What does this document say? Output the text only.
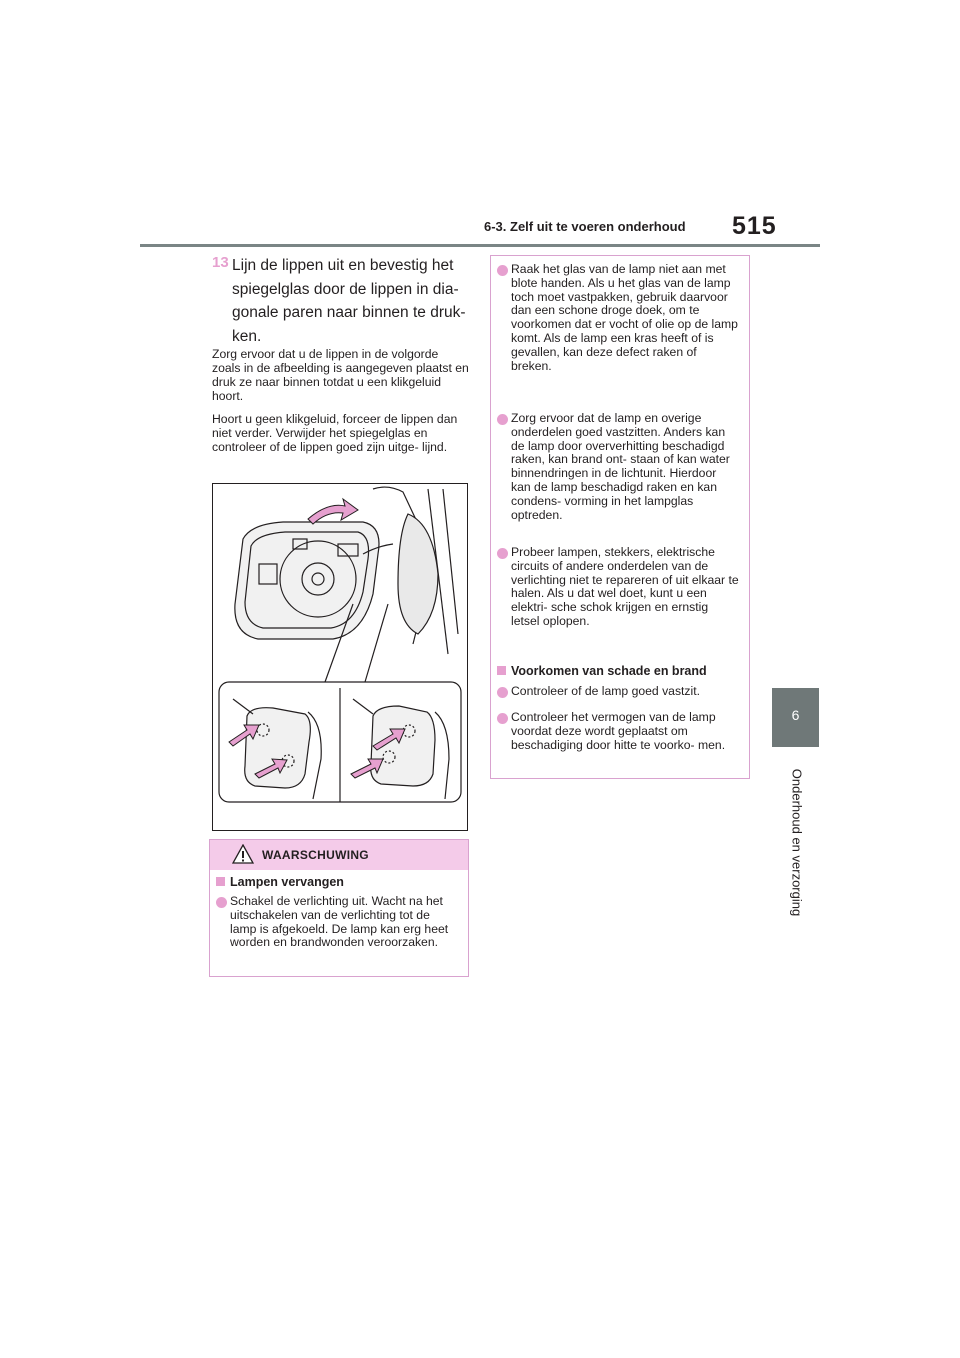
6-3. Zelf uit te voeren onderhoud	515
6
Onderhoud en verzorging
13 Lijn de lippen uit en bevestig het spiegelglas door de lippen in dia- gonale paren naar binnen te druk- ken.

Zorg ervoor dat u de lippen in de volgorde zoals in de afbeelding is aangegeven plaatst en druk ze naar binnen totdat u een klikgeluid hoort.

Hoort u geen klikgeluid, forceer de lippen dan niet verder. Verwijder het spiegelglas en controleer of de lippen goed zijn uitge- lijnd.

WAARSCHUWING
Lampen vervangen
Schakel de verlichting uit. Wacht na het uitschakelen van de verlichting tot de lamp is afgekoeld. De lamp kan erg heet worden en brandwonden veroorzaken.
Raak het glas van de lamp niet aan met blote handen. Als u het glas van de lamp toch moet vastpakken, gebruik daarvoor dan een schone droge doek, om te voorkomen dat er vocht of olie op de lamp komt. Als de lamp een kras heeft of is gevallen, kan deze defect raken of breken.
Zorg ervoor dat de lamp en overige onderdelen goed vastzitten. Anders kan de lamp door oververhitting beschadigd raken, kan brand ont- staan of kan water binnendringen in de lichtunit. Hierdoor kan de lamp beschadigd raken en kan condens- vorming in het lampglas optreden.
Probeer lampen, stekkers, elektrische circuits of andere onderdelen van de verlichting niet te repareren of uit elkaar te halen. Als u dat wel doet, kunt u een elektri- sche schok krijgen en ernstig letsel oplopen.
Voorkomen van schade en brand
Controleer of de lamp goed vastzit.
Controleer het vermogen van de lamp voordat deze wordt geplaatst om beschadiging door hitte te voorko- men.
